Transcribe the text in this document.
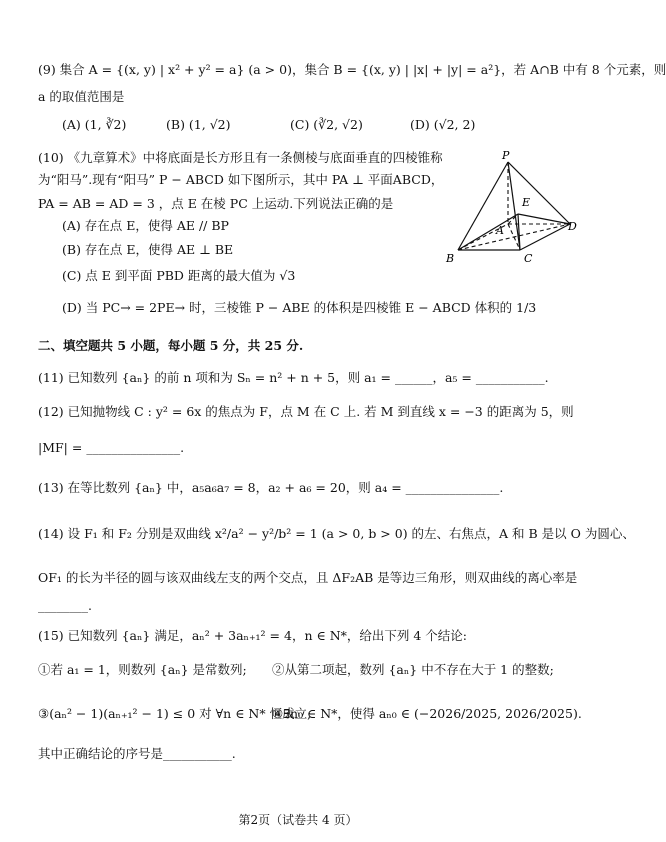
(9) 集合 A = {(x, y) | x² + y² = a} (a > 0)，集合 B = {(x, y) | |x| + |y| = a²}，若 A∩B 中有 8 个元素，则
a 的取值范围是
(A) (1, ∛2)	(B) (1, √2)	(C) (∛2, √2)	(D) (√2, 2)
(10) 《九章算术》中将底面是长方形且有一条侧棱与底面垂直的四棱锥称
为“阳马”.现有“阳马” P − ABCD 如下图所示，其中 PA ⊥ 平面ABCD，
PA = AB = AD = 3 ，点 E 在棱 PC 上运动.下列说法正确的是
(A) 存在点 E，使得 AE // BP
(B) 存在点 E，使得 AE ⊥ BE
(C) 点 E 到平面 PBD 距离的最大值为 √3
(D) 当 PC→ = 2PE→ 时，三棱锥 P − ABE 的体积是四棱锥 E − ABCD 体积的 1/3
P
E
A
B	C
D
二、填空题共 5 小题，每小题 5 分，共 25 分.
(11) 已知数列 {aₙ} 的前 n 项和为 Sₙ = n² + n + 5，则 a₁ = ______，a₅ = ___________.
(12) 已知抛物线 C : y² = 6x 的焦点为 F，点 M 在 C 上. 若 M 到直线 x = −3 的距离为 5，则
|MF| = _______________.
(13) 在等比数列 {aₙ} 中，a₅a₆a₇ = 8，a₂ + a₆ = 20，则 a₄ = _______________.
(14) 设 F₁ 和 F₂ 分别是双曲线 x²/a² − y²/b² = 1 (a > 0, b > 0) 的左、右焦点，A 和 B 是以 O 为圆心、
OF₁ 的长为半径的圆与该双曲线左支的两个交点，且 ΔF₂AB 是等边三角形，则双曲线的离心率是
________.
(15) 已知数列 {aₙ} 满足，aₙ² + 3aₙ₊₁² = 4，n ∈ N*，给出下列 4 个结论:
①若 a₁ = 1，则数列 {aₙ} 是常数列; ②从第二项起，数列 {aₙ} 中不存在大于 1 的整数;
③(aₙ² − 1)(aₙ₊₁² − 1) ≤ 0 对 ∀n ∈ N* 恒成立;
④∃n₀ ∈ N*，使得 aₙ₀ ∈ (−2026/2025, 2026/2025).
其中正确结论的序号是___________.
第2页（试卷共 4 页）
